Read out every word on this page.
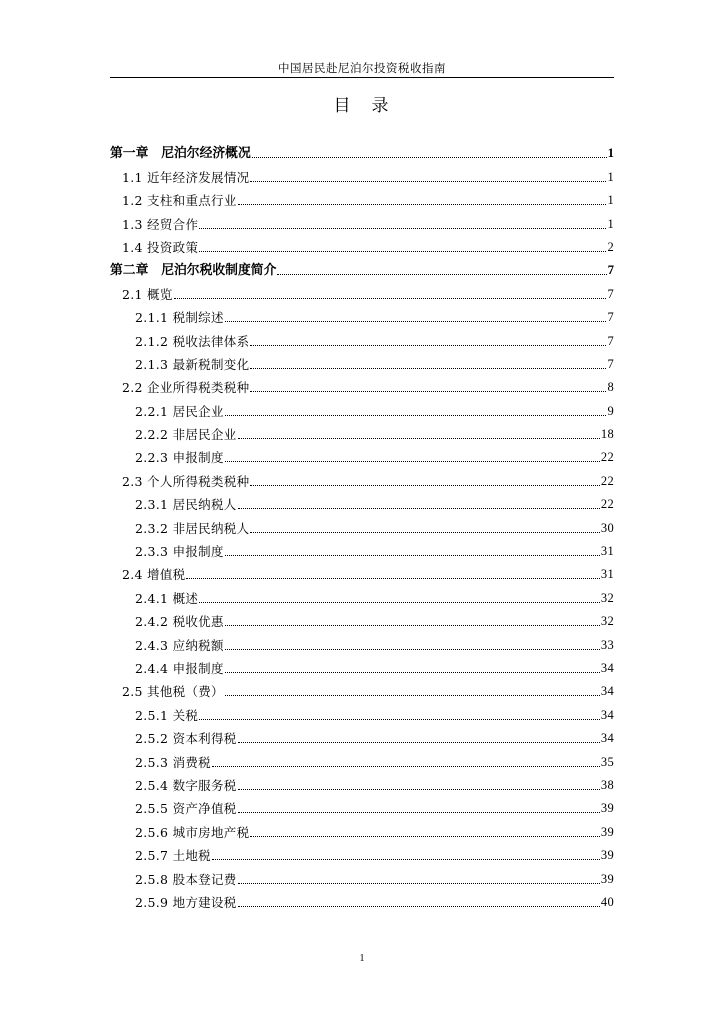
中国居民赴尼泊尔投资税收指南
目　录
第一章　尼泊尔经济概况	1
1.1 近年经济发展情况	1
1.2 支柱和重点行业	1
1.3 经贸合作	1
1.4 投资政策	2
第二章　尼泊尔税收制度简介	7
2.1 概览	7
2.1.1 税制综述	7
2.1.2 税收法律体系	7
2.1.3 最新税制变化	7
2.2 企业所得税类税种	8
2.2.1 居民企业	9
2.2.2 非居民企业	18
2.2.3 申报制度	22
2.3 个人所得税类税种	22
2.3.1 居民纳税人	22
2.3.2 非居民纳税人	30
2.3.3 申报制度	31
2.4 增值税	31
2.4.1 概述	32
2.4.2 税收优惠	32
2.4.3 应纳税额	33
2.4.4 申报制度	34
2.5 其他税（费）	34
2.5.1 关税	34
2.5.2 资本利得税	34
2.5.3 消费税	35
2.5.4 数字服务税	38
2.5.5 资产净值税	39
2.5.6 城市房地产税	39
2.5.7 土地税	39
2.5.8 股本登记费	39
2.5.9 地方建设税	40
1
